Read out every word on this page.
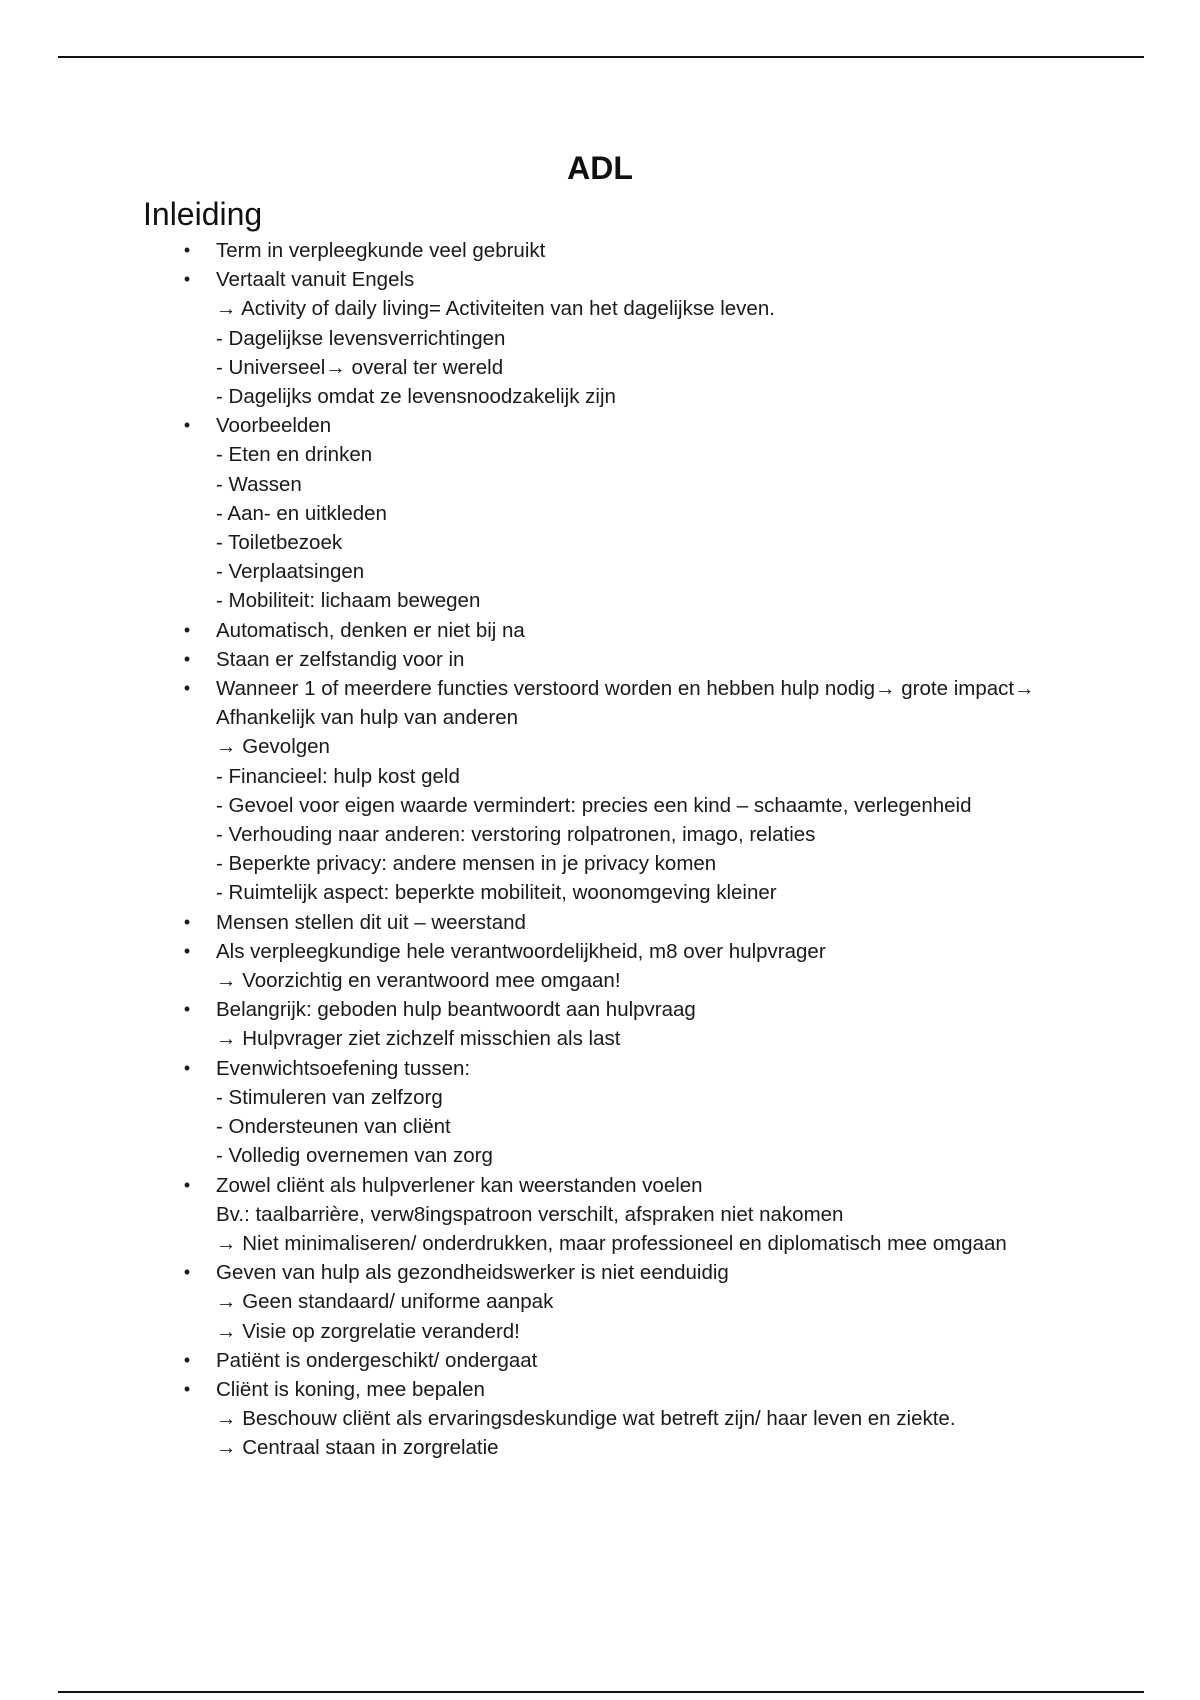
ADL
Inleiding
• Term in verpleegkunde veel gebruikt
• Vertaalt vanuit Engels
→ Activity of daily living= Activiteiten van het dagelijkse leven.
- Dagelijkse levensverrichtingen
- Universeel→ overal ter wereld
- Dagelijks omdat ze levensnoodzakelijk zijn
• Voorbeelden
- Eten en drinken
- Wassen
- Aan- en uitkleden
- Toiletbezoek
- Verplaatsingen
- Mobiliteit: lichaam bewegen
• Automatisch, denken er niet bij na
• Staan er zelfstandig voor in
• Wanneer 1 of meerdere functies verstoord worden en hebben hulp nodig→ grote impact→ Afhankelijk van hulp van anderen
→ Gevolgen
- Financieel: hulp kost geld
- Gevoel voor eigen waarde vermindert: precies een kind – schaamte, verlegenheid
- Verhouding naar anderen: verstoring rolpatronen, imago, relaties
- Beperkte privacy: andere mensen in je privacy komen
- Ruimtelijk aspect: beperkte mobiliteit, woonomgeving kleiner
• Mensen stellen dit uit – weerstand
• Als verpleegkundige hele verantwoordelijkheid, m8 over hulpvrager
→ Voorzichtig en verantwoord mee omgaan!
• Belangrijk: geboden hulp beantwoordt aan hulpvraag
→ Hulpvrager ziet zichzelf misschien als last
• Evenwichtsoefening tussen:
- Stimuleren van zelfzorg
- Ondersteunen van cliënt
- Volledig overnemen van zorg
• Zowel cliënt als hulpverlener kan weerstanden voelen
Bv.: taalbarrière, verw8ingspatroon verschilt, afspraken niet nakomen
→ Niet minimaliseren/ onderdrukken, maar professioneel en diplomatisch mee omgaan
• Geven van hulp als gezondheidswerker is niet eenduidig
→ Geen standaard/ uniforme aanpak
→ Visie op zorgrelatie veranderd!
• Patiënt is ondergeschikt/ ondergaat
• Cliënt is koning, mee bepalen
→ Beschouw cliënt als ervaringsdeskundige wat betreft zijn/ haar leven en ziekte.
→ Centraal staan in zorgrelatie
